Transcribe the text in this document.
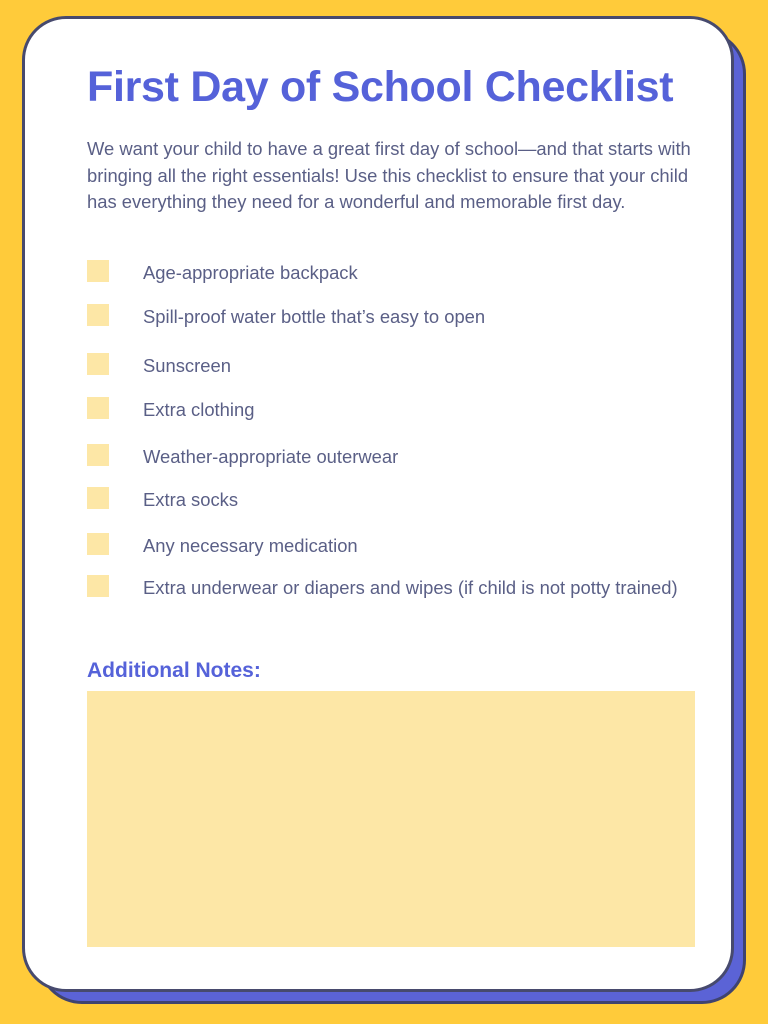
First Day of School Checklist

We want your child to have a great first day of school—and that starts with bringing all the right essentials! Use this checklist to ensure that your child has everything they need for a wonderful and memorable first day.

Age-appropriate backpack
Spill-proof water bottle that’s easy to open
Sunscreen
Extra clothing
Weather-appropriate outerwear
Extra socks
Any necessary medication
Extra underwear or diapers and wipes (if child is not potty trained)
Additional Notes:
